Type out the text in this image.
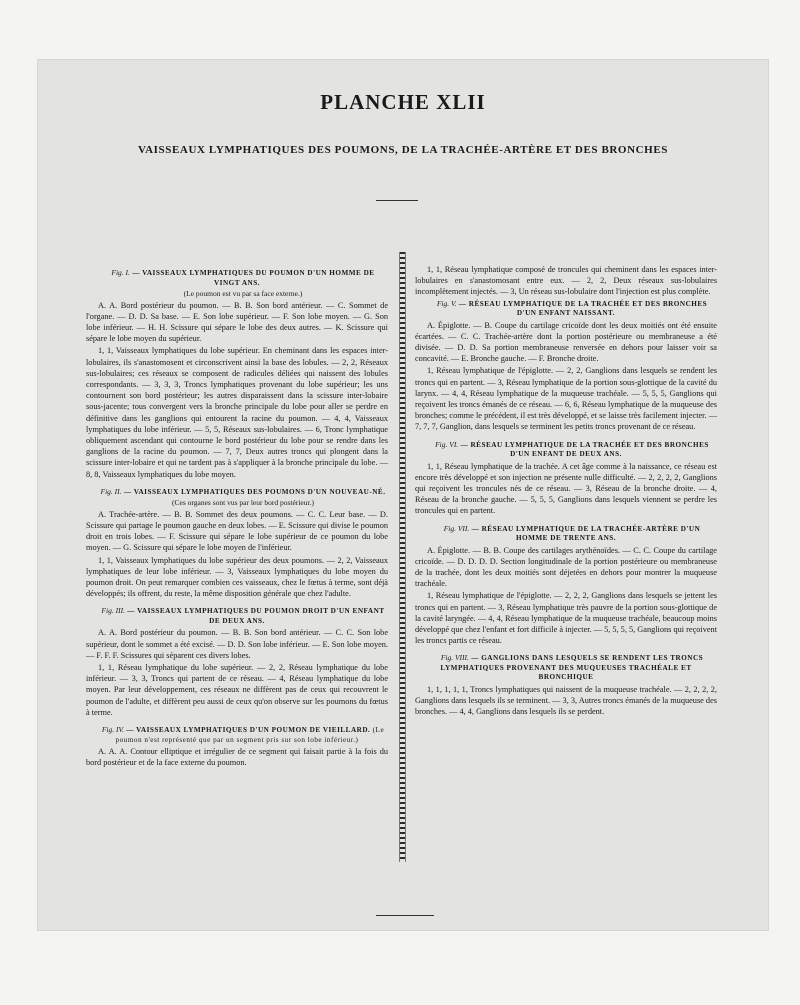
PLANCHE XLII
VAISSEAUX LYMPHATIQUES DES POUMONS, DE LA TRACHÉE-ARTÈRE ET DES BRONCHES

Fig. I. — VAISSEAUX LYMPHATIQUES DU POUMON D'UN HOMME DE VINGT ANS.

(Le poumon est vu par sa face externe.)

A. A. Bord postérieur du poumon. — B. B. Son bord antérieur. — C. Sommet de l'organe. — D. D. Sa base. — E. Son lobe supérieur. — F. Son lobe moyen. — G. Son lobe inférieur. — H. H. Scissure qui sépare le lobe des deux autres. — K. Scissure qui sépare le lobe moyen du supérieur.

1, 1, Vaisseaux lymphatiques du lobe supérieur. En cheminant dans les espaces inter-lobulaires, ils s'anastomosent et circonscrivent ainsi la base des lobules. — 2, 2, Réseaux sus-lobulaires; ces réseaux se composent de radicules déliées qui naissent des lobules correspondants. — 3, 3, 3, Troncs lymphatiques provenant du lobe supérieur; les uns contournent son bord postérieur; les autres disparaissent dans la scissure inter-lobaire sous-jacente; tous convergent vers la bronche principale du lobe pour aller se perdre en définitive dans les ganglions qui entourent la racine du poumon. — 4, 4, Vaisseaux lymphatiques du lobe inférieur. — 5, 5, Réseaux sus-lobulaires. — 6, Tronc lymphatique obliquement ascendant qui contourne le bord postérieur du lobe pour se rendre dans les ganglions de la racine du poumon. — 7, 7, Deux autres troncs qui plongent dans la scissure inter-lobaire et qui ne tardent pas à s'appliquer à la bronche principale du lobe. — 8, 8, Vaisseaux lymphatiques du lobe moyen.

Fig. II. — VAISSEAUX LYMPHATIQUES DES POUMONS D'UN NOUVEAU-NÉ.

(Ces organes sont vus par leur bord postérieur.)

A. Trachée-artère. — B. B. Sommet des deux poumons. — C. C. Leur base. — D. Scissure qui partage le poumon gauche en deux lobes. — E. Scissure qui divise le poumon droit en trois lobes. — F. Scissure qui sépare le lobe supérieur de ce poumon du lobe moyen. — G. Scissure qui sépare le lobe moyen de l'inférieur.

1, 1, Vaisseaux lymphatiques du lobe supérieur des deux poumons. — 2, 2, Vaisseaux lymphatiques de leur lobe inférieur. — 3, Vaisseaux lymphatiques du lobe moyen du poumon droit. On peut remarquer combien ces vaisseaux, chez le fœtus à terme, sont déjà développés; ils offrent, du reste, la même disposition générale que chez l'adulte.

Fig. III. — VAISSEAUX LYMPHATIQUES DU POUMON DROIT D'UN ENFANT DE DEUX ANS.

A. A. Bord postérieur du poumon. — B. B. Son bord antérieur. — C. C. Son lobe supérieur, dont le sommet a été excisé. — D. D. Son lobe inférieur. — E. Son lobe moyen. — F. F. F. Scissures qui séparent ces divers lobes.

1, 1, Réseau lymphatique du lobe supérieur. — 2, 2, Réseau lymphatique du lobe inférieur. — 3, 3, Troncs qui partent de ce réseau. — 4, Réseau lymphatique du lobe moyen. Par leur développement, ces réseaux ne diffèrent pas de ceux qui recouvrent le poumon de l'adulte, et diffèrent peu aussi de ceux qu'on observe sur les poumons du fœtus à terme.

Fig. IV. — VAISSEAUX LYMPHATIQUES D'UN POUMON DE VIEILLARD. (Le poumon n'est représenté que par un segment pris sur son lobe inférieur.)

A. A. A. Contour elliptique et irrégulier de ce segment qui faisait partie à la fois du bord postérieur et de la face externe du poumon.

1, 1, Réseau lymphatique composé de troncules qui cheminent dans les espaces inter-lobulaires en s'anastomosant entre eux. — 2, 2, Deux réseaux sus-lobulaires incomplètement injectés. — 3, Un réseau sus-lobulaire dont l'injection est plus complète.

Fig. V. — RÉSEAU LYMPHATIQUE DE LA TRACHÉE ET DES BRONCHES D'UN ENFANT NAISSANT.

A. Épiglotte. — B. Coupe du cartilage cricoïde dont les deux moitiés ont été ensuite écartées. — C. C. Trachée-artère dont la portion postérieure ou membraneuse a été divisée. — D. D. Sa portion membraneuse renversée en dehors pour laisser voir sa concavité. — E. Bronche gauche. — F. Bronche droite.

1, Réseau lymphatique de l'épiglotte. — 2, 2, Ganglions dans lesquels se rendent les troncs qui en partent. — 3, Réseau lymphatique de la portion sous-glottique de la cavité du larynx. — 4, 4, Réseau lymphatique de la muqueuse trachéale. — 5, 5, 5, Ganglions qui reçoivent les troncs émanés de ce réseau. — 6, 6, Réseau lymphatique de la muqueuse des bronches; comme le précédent, il est très développé, et se laisse très facilement injecter. — 7, 7, 7, Ganglion, dans lesquels se terminent les petits troncs provenant de ce réseau.

Fig. VI. — RÉSEAU LYMPHATIQUE DE LA TRACHÉE ET DES BRONCHES D'UN ENFANT DE DEUX ANS.

1, 1, Réseau lymphatique de la trachée. A cet âge comme à la naissance, ce réseau est encore très développé et son injection ne présente nulle difficulté. — 2, 2, 2, 2, Ganglions qui reçoivent les troncules nés de ce réseau. — 3, Réseau de la bronche droite. — 4, Réseau de la bronche gauche. — 5, 5, 5, Ganglions dans lesquels viennent se perdre les troncules qui en partent.

Fig. VII. — RÉSEAU LYMPHATIQUE DE LA TRACHÉE-ARTÈRE D'UN HOMME DE TRENTE ANS.

A. Épiglotte. — B. B. Coupe des cartilages arythénoïdes. — C. C. Coupe du cartilage cricoïde. — D. D. D. D. Section longitudinale de la portion postérieure ou membraneuse de la trachée, dont les deux moitiés sont déjetées en dehors pour montrer la muqueuse trachéale.

1, Réseau lymphatique de l'épiglotte. — 2, 2, 2, Ganglions dans lesquels se jettent les troncs qui en partent. — 3, Réseau lymphatique très pauvre de la portion sous-glottique de la cavité laryngée. — 4, 4, Réseau lymphatique de la muqueuse trachéale, beaucoup moins développé que chez l'enfant et fort difficile à injecter. — 5, 5, 5, 5, Ganglions qui reçoivent les troncs partis ce réseau.

Fig. VIII. — GANGLIONS DANS LESQUELS SE RENDENT LES TRONCS LYMPHATIQUES PROVENANT DES MUQUEUSES TRACHÉALE ET BRONCHIQUE

1, 1, 1, 1, 1, Troncs lymphatiques qui naissent de la muqueuse trachéale. — 2, 2, 2, 2, Ganglions dans lesquels ils se terminent. — 3, 3, Autres troncs émanés de la muqueuse des bronches. — 4, 4, Ganglions dans lesquels ils se perdent.
